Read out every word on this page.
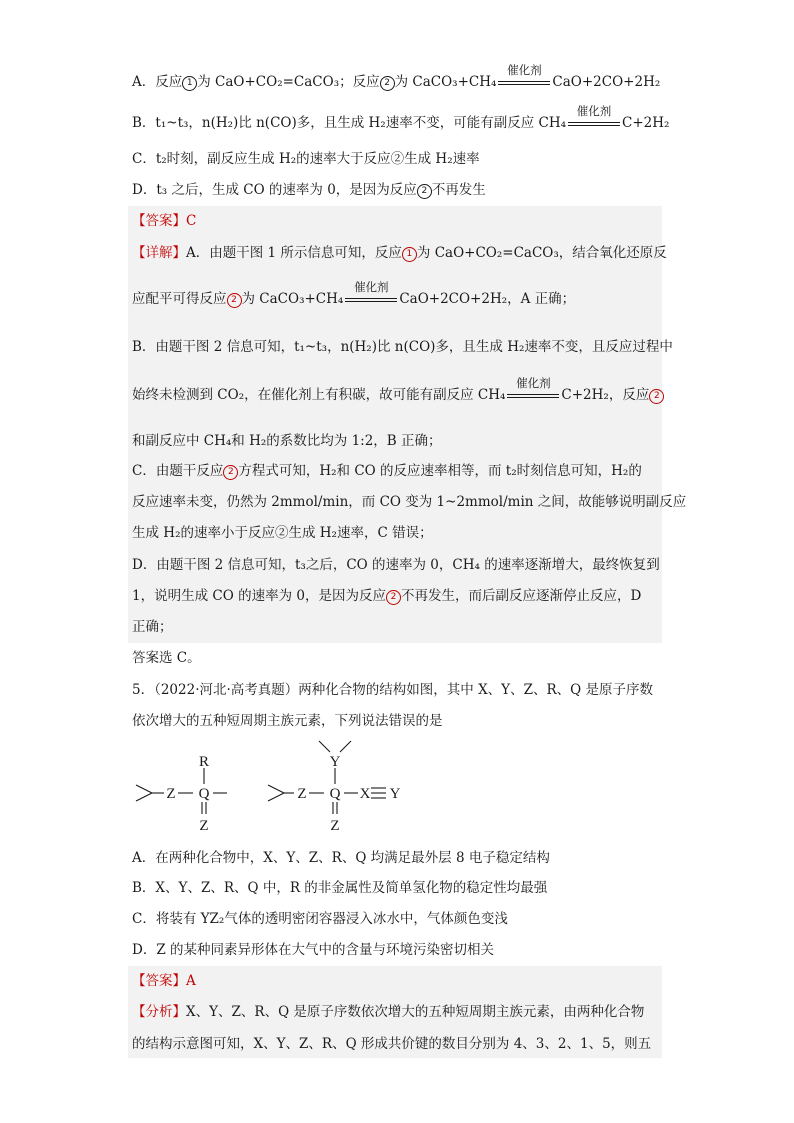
A．反应 1 为 CaO+CO₂=CaCO₃；反应 2 为 CaCO₃+CH₄
催化剂
CaO+2CO+2H₂
B．t₁~t₃，n(H₂)比 n(CO)多，且生成 H₂速率不变，可能有副反应 CH₄
催化剂
C+2H₂
C．t₂时刻，副反应生成 H₂的速率大于反应②生成 H₂速率
D．t₃ 之后，生成 CO 的速率为 0，是因为反应 2 不再发生
【答案】C
【详解】A．由题干图 1 所示信息可知，反应 1 为 CaO+CO₂=CaCO₃，结合氧化还原反
应配平可得反应 2 为 CaCO₃+CH₄
催化剂
CaO+2CO+2H₂，A 正确；
B．由题干图 2 信息可知，t₁~t₃，n(H₂)比 n(CO)多，且生成 H₂速率不变，且反应过程中
始终未检测到 CO₂，在催化剂上有积碳，故可能有副反应 CH₄
催化剂
C+2H₂，反应 2
和副反应中 CH₄和 H₂的系数比均为 1:2，B 正确；
C．由题干反应 2 方程式可知，H₂和 CO 的反应速率相等，而 t₂时刻信息可知，H₂的
反应速率未变，仍然为 2mmol/min，而 CO 变为 1~2mmol/min 之间，故能够说明副反应
生成 H₂的速率小于反应②生成 H₂速率，C 错误；
D．由题干图 2 信息可知，t₃之后，CO 的速率为 0，CH₄ 的速率逐渐增大，最终恢复到
1，说明生成 CO 的速率为 0，是因为反应 2 不再发生，而后副反应逐渐停止反应，D
正确；
答案选 C。
5．（2022·河北·高考真题）两种化合物的结构如图，其中 X、Y、Z、R、Q 是原子序数
依次增大的五种短周期主族元素，下列说法错误的是
R
Z Q
Z
Y
Z Q
Z
X Y
A．在两种化合物中，X、Y、Z、R、Q 均满足最外层 8 电子稳定结构
B．X、Y、Z、R、Q 中，R 的非金属性及简单氢化物的稳定性均最强
C．将装有 YZ₂气体的透明密闭容器浸入冰水中，气体颜色变浅
D．Z 的某种同素异形体在大气中的含量与环境污染密切相关
【答案】A
【分析】X、Y、Z、R、Q 是原子序数依次增大的五种短周期主族元素，由两种化合物
的结构示意图可知，X、Y、Z、R、Q 形成共价键的数目分别为 4、3、2、1、5，则五
